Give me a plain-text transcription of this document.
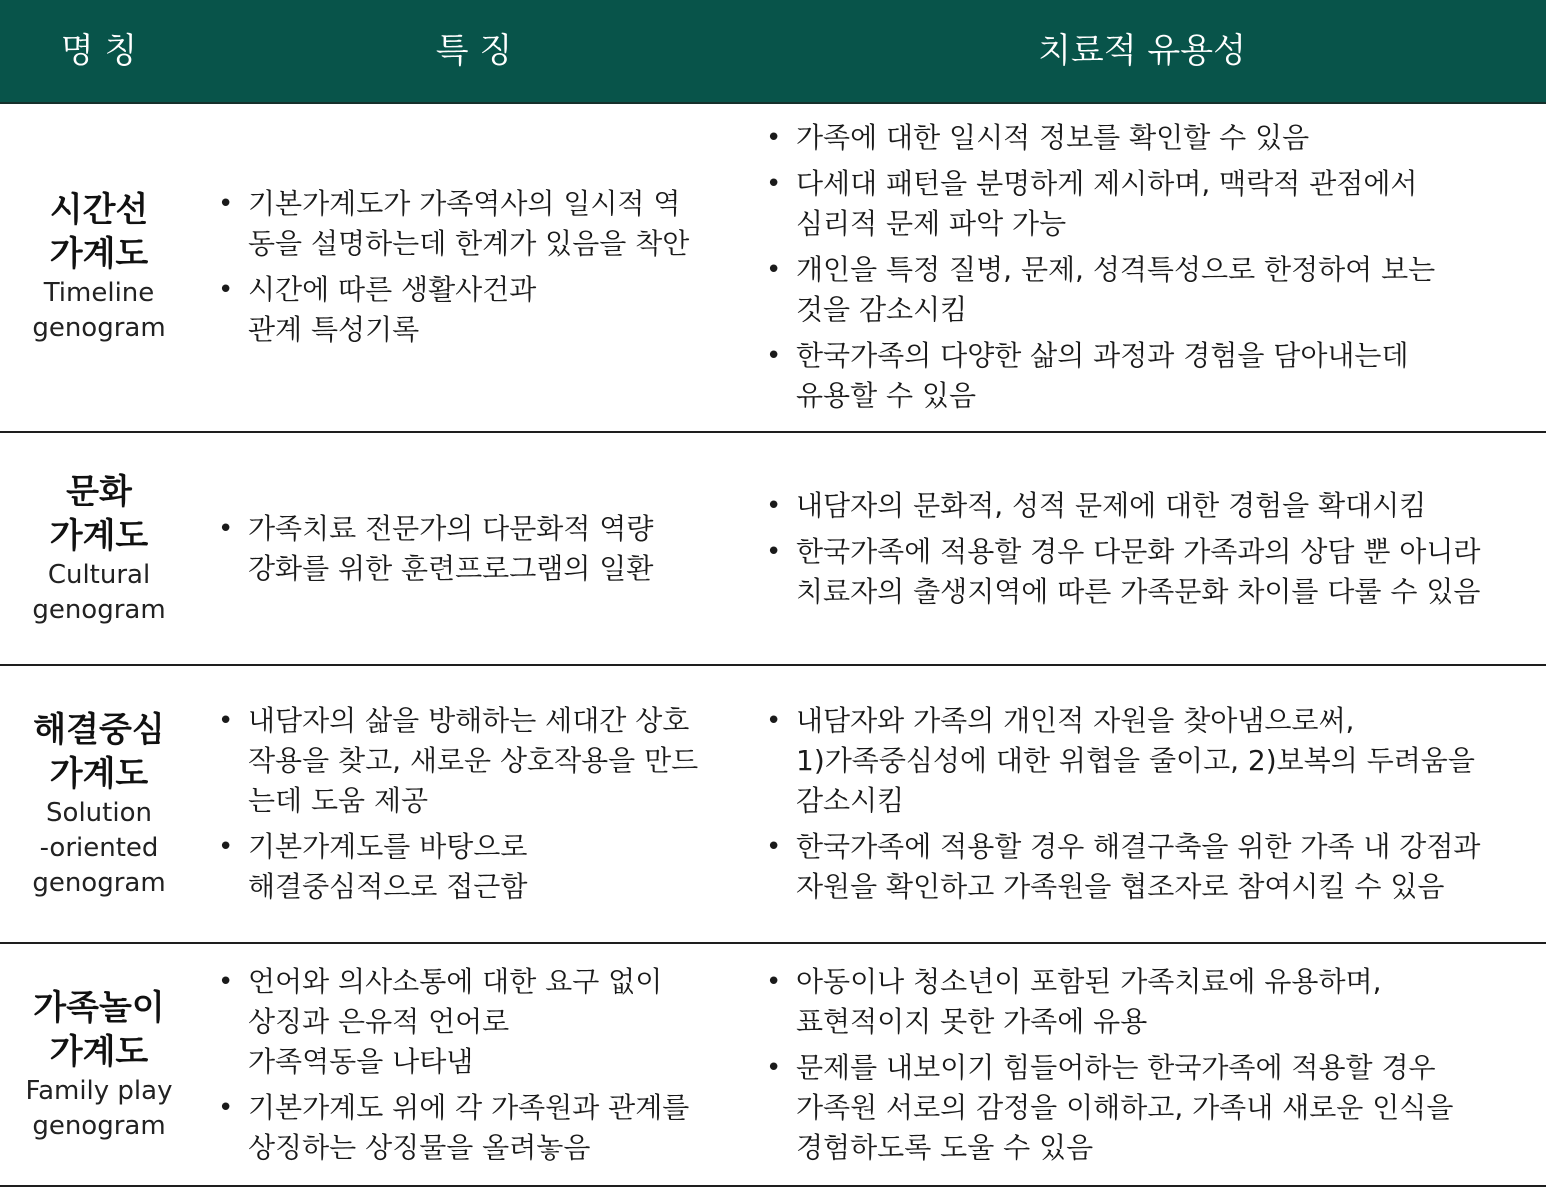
명 칭	특 징	치료적 유용성
시간선
가계도
Timeline
genogram
• 기본가계도가 가족역사의 일시적 역
동을 설명하는데 한계가 있음을 착안
• 시간에 따른 생활사건과
관계 특성기록
• 가족에 대한 일시적 정보를 확인할 수 있음
• 다세대 패턴을 분명하게 제시하며, 맥락적 관점에서
심리적 문제 파악 가능
• 개인을 특정 질병, 문제, 성격특성으로 한정하여 보는
것을 감소시킴
• 한국가족의 다양한 삶의 과정과 경험을 담아내는데
유용할 수 있음
문화
가계도
Cultural
genogram
• 가족치료 전문가의 다문화적 역량
강화를 위한 훈련프로그램의 일환
• 내담자의 문화적, 성적 문제에 대한 경험을 확대시킴
• 한국가족에 적용할 경우 다문화 가족과의 상담 뿐 아니라
치료자의 출생지역에 따른 가족문화 차이를 다룰 수 있음
해결중심
가계도
Solution
-oriented
genogram
• 내담자의 삶을 방해하는 세대간 상호
작용을 찾고, 새로운 상호작용을 만드
는데 도움 제공
• 기본가계도를 바탕으로
해결중심적으로 접근함
• 내담자와 가족의 개인적 자원을 찾아냄으로써,
1)가족중심성에 대한 위협을 줄이고, 2)보복의 두려움을
감소시킴
• 한국가족에 적용할 경우 해결구축을 위한 가족 내 강점과
자원을 확인하고 가족원을 협조자로 참여시킬 수 있음
가족놀이
가계도
Family play
genogram
• 언어와 의사소통에 대한 요구 없이
상징과 은유적 언어로
가족역동을 나타냄
• 기본가계도 위에 각 가족원과 관계를
상징하는 상징물을 올려놓음
• 아동이나 청소년이 포함된 가족치료에 유용하며,
표현적이지 못한 가족에 유용
• 문제를 내보이기 힘들어하는 한국가족에 적용할 경우
가족원 서로의 감정을 이해하고, 가족내 새로운 인식을
경험하도록 도울 수 있음
